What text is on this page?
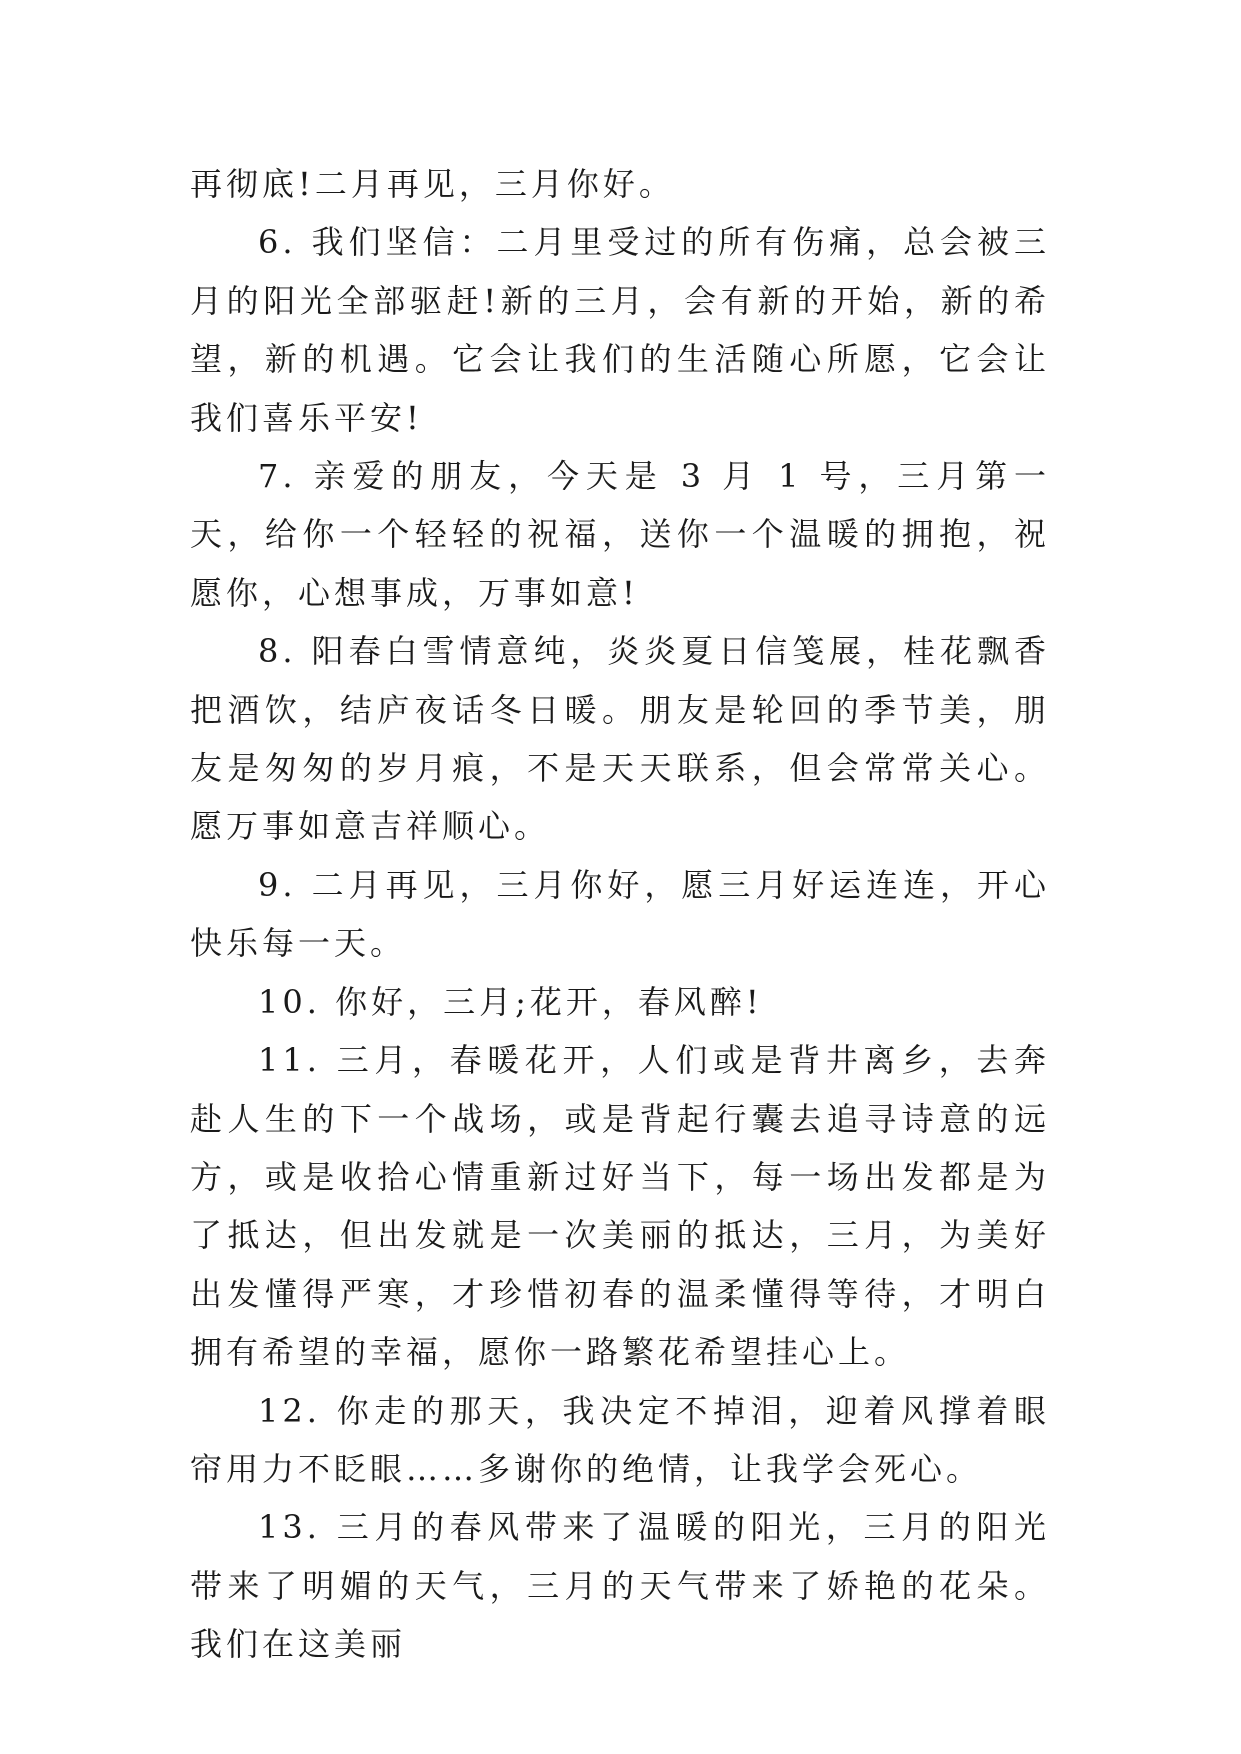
再彻底!二月再见，三月你好。

6. 我们坚信：二月里受过的所有伤痛，总会被三月的阳光全部驱赶!新的三月，会有新的开始，新的希望，新的机遇。它会让我们的生活随心所愿，它会让我们喜乐平安!

7. 亲爱的朋友，今天是 3 月 1 号，三月第一天，给你一个轻轻的祝福，送你一个温暖的拥抱，祝愿你，心想事成，万事如意!

8. 阳春白雪情意纯，炎炎夏日信笺展，桂花飘香把酒饮，结庐夜话冬日暖。朋友是轮回的季节美，朋友是匆匆的岁月痕，不是天天联系，但会常常关心。愿万事如意吉祥顺心。

9. 二月再见，三月你好，愿三月好运连连，开心快乐每一天。

10. 你好，三月;花开，春风醉!

11. 三月，春暖花开，人们或是背井离乡，去奔赴人生的下一个战场，或是背起行囊去追寻诗意的远方，或是收拾心情重新过好当下，每一场出发都是为了抵达，但出发就是一次美丽的抵达，三月，为美好出发懂得严寒，才珍惜初春的温柔懂得等待，才明白拥有希望的幸福，愿你一路繁花希望挂心上。

12. 你走的那天，我决定不掉泪，迎着风撑着眼帘用力不眨眼……多谢你的绝情，让我学会死心。

13. 三月的春风带来了温暖的阳光，三月的阳光带来了明媚的天气，三月的天气带来了娇艳的花朵。我们在这美丽
